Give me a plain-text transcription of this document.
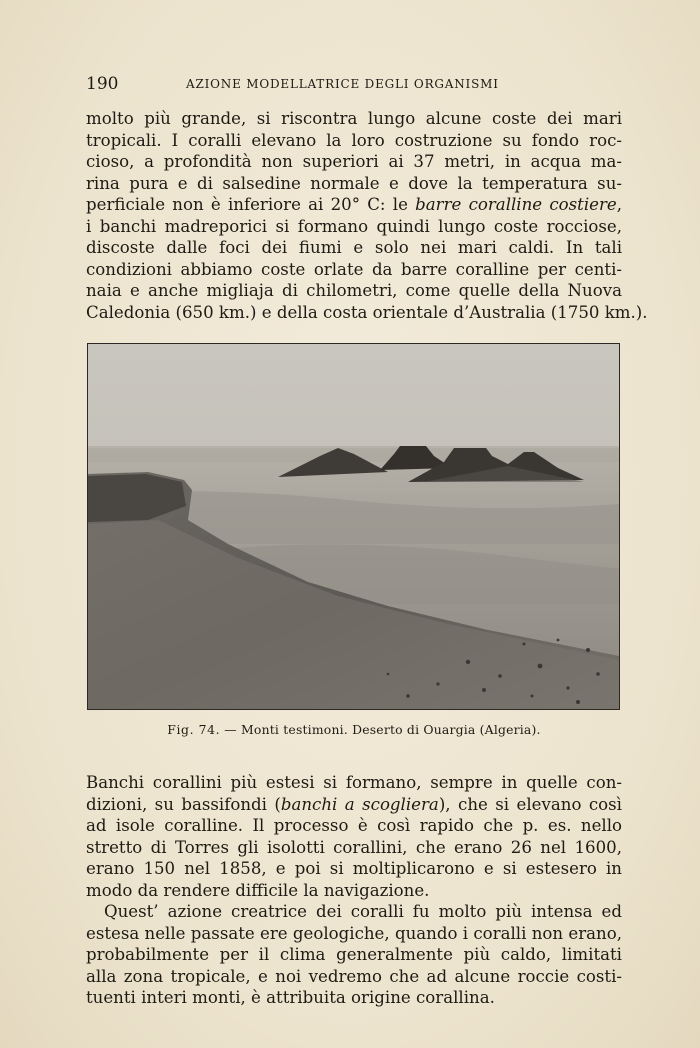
190	AZIONE MODELLATRICE DEGLI ORGANISMI
molto più grande, si riscontra lungo alcune coste dei mari
tropicali. I coralli elevano la loro costruzione su fondo roc-
cioso, a profondità non superiori ai 37 metri, in acqua ma-
rina pura e di salsedine normale e dove la temperatura su-
perficiale non è inferiore ai 20° C: le barre coralline costiere,
i banchi madreporici si formano quindi lungo coste rocciose,
discoste dalle foci dei fiumi e solo nei mari caldi. In tali
condizioni abbiamo coste orlate da barre coralline per centi-
naia e anche migliaja di chilometri, come quelle della Nuova
Caledonia (650 km.) e della costa orientale d’Australia (1750 km.).
Fig. 74. — Monti testimoni. Deserto di Ouargia (Algeria).
Banchi corallini più estesi si formano, sempre in quelle con-
dizioni, su bassifondi (banchi a scogliera), che si elevano così
ad isole coralline. Il processo è così rapido che p. es. nello
stretto di Torres gli isolotti corallini, che erano 26 nel 1600,
erano 150 nel 1858, e poi si moltiplicarono e si estesero in
modo da rendere difficile la navigazione.
Quest’ azione creatrice dei coralli fu molto più intensa ed
estesa nelle passate ere geologiche, quando i coralli non erano,
probabilmente per il clima generalmente più caldo, limitati
alla zona tropicale, e noi vedremo che ad alcune roccie costi-
tuenti interi monti, è attribuita origine corallina.
